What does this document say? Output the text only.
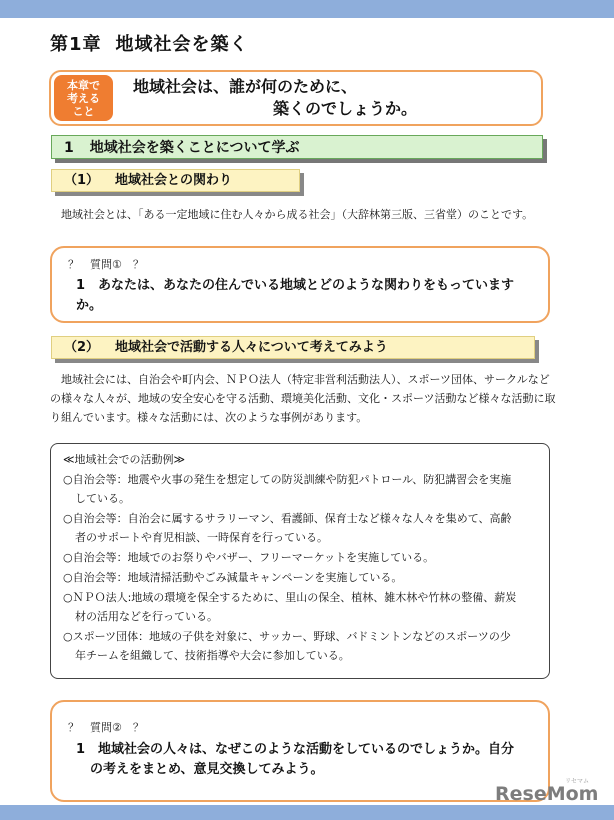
第1章 地域社会を築く
本章で
考える
こと
地域社会は、誰が何のために、
築くのでしょうか。
1 地域社会を築くことについて学ぶ
（1） 地域社会との関わり

地域社会とは、「ある一定地域に住む人々から成る社会」（大辞林第三版、三省堂）のことです。

？　質問①　？
1 あなたは、あなたの住んでいる地域とどのような関わりをもっていますか。
（2） 地域社会で活動する人々について考えてみよう

地域社会には、自治会や町内会、ＮＰＯ法人（特定非営利活動法人）、スポーツ団体、サークルなどの様々な人々が、地域の安全安心を守る活動、環境美化活動、文化・スポーツ活動など様々な活動に取り組んでいます。様々な活動には、次のような事例があります。

≪地域社会での活動例≫
○自治会等：地震や火事の発生を想定しての防災訓練や防犯パトロール、防犯講習会を実施
している。
○自治会等：自治会に属するサラリーマン、看護師、保育士など様々な人々を集めて、高齢
者のサポートや育児相談、一時保育を行っている。
○自治会等：地域でのお祭りやバザー、フリーマーケットを実施している。
○自治会等：地域清掃活動やごみ減量キャンペーンを実施している。
○ＮＰＯ法人:地域の環境を保全するために、里山の保全、植林、雑木林や竹林の整備、薪炭
材の活用などを行っている。
○スポーツ団体：地域の子供を対象に、サッカー、野球、バドミントンなどのスポーツの少
年チームを組織して、技術指導や大会に参加している。
？　質問②　？
1 地域社会の人々は、なぜこのような活動をしているのでしょうか。自分
の考えをまとめ、意見交換してみよう。
ReseMom
リセマム
